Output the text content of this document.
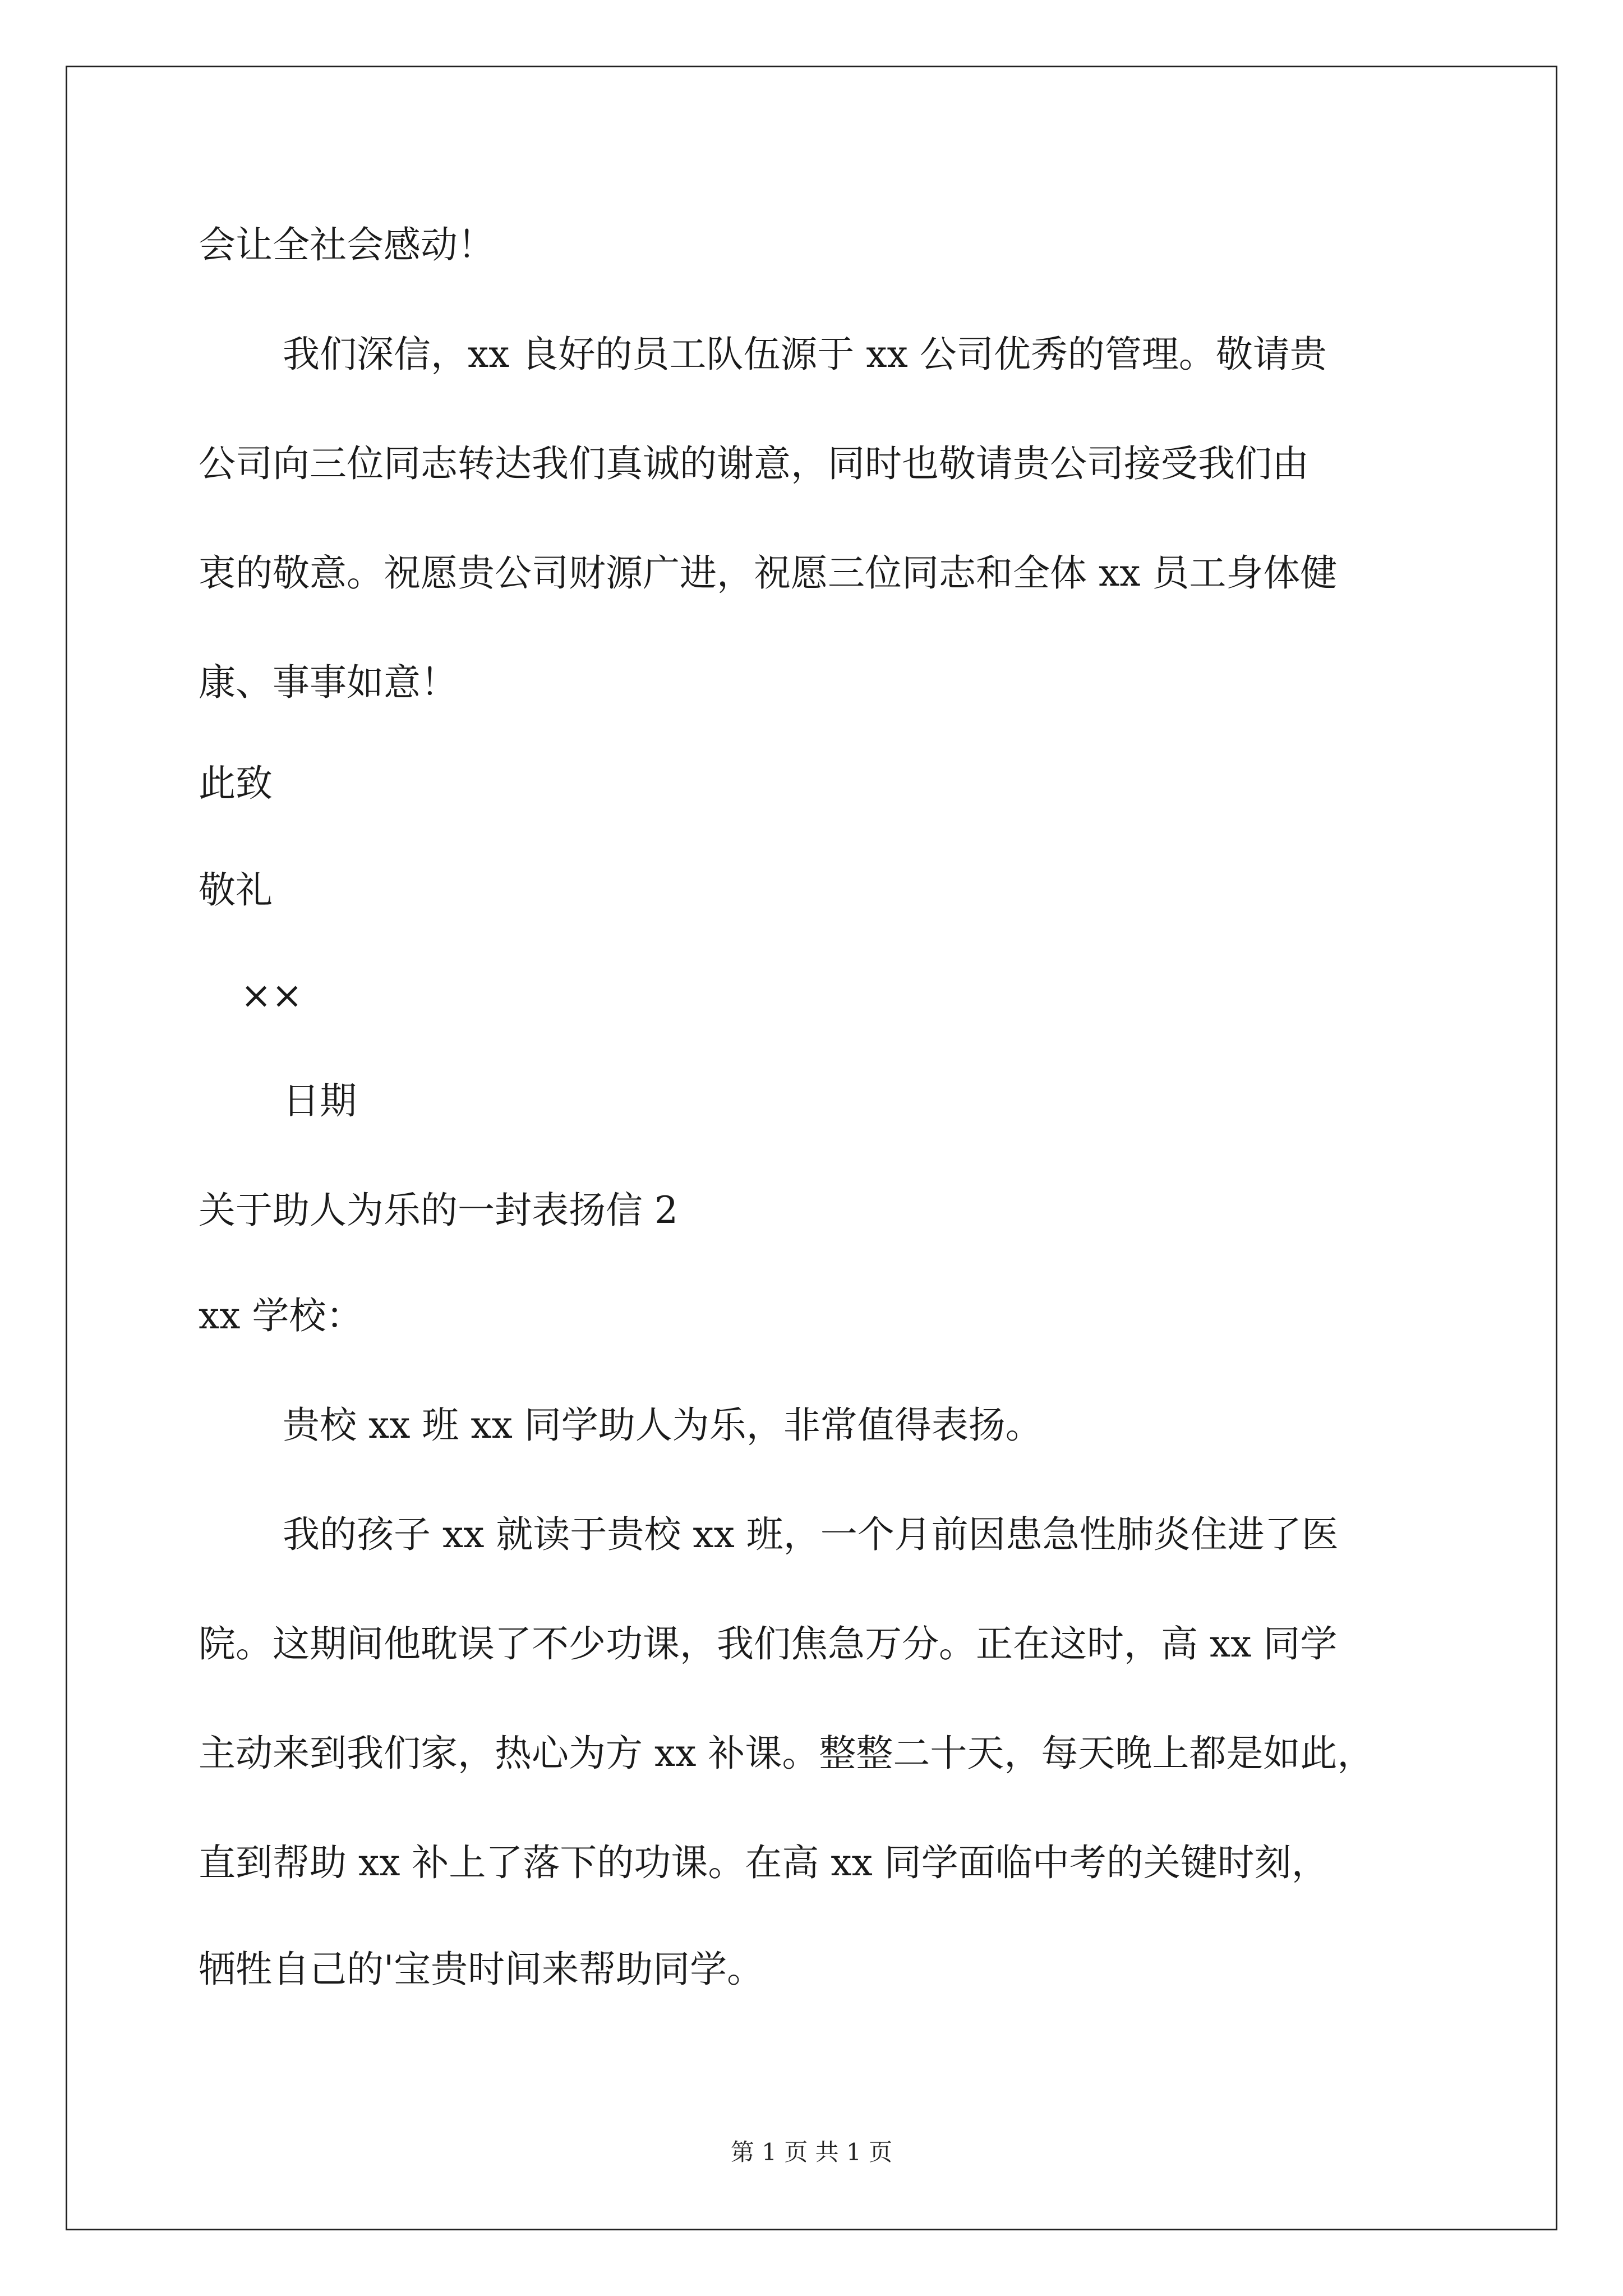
会让全社会感动！
我们深信，xx 良好的员工队伍源于 xx 公司优秀的管理。敬请贵
公司向三位同志转达我们真诚的谢意，同时也敬请贵公司接受我们由
衷的敬意。祝愿贵公司财源广进，祝愿三位同志和全体 xx 员工身体健
康、事事如意！
此致
敬礼
××
日期
关于助人为乐的一封表扬信 2
xx 学校：
贵校 xx 班 xx 同学助人为乐，非常值得表扬。
我的孩子 xx 就读于贵校 xx 班，一个月前因患急性肺炎住进了医
院。这期间他耽误了不少功课，我们焦急万分。正在这时，高 xx 同学
主动来到我们家，热心为方 xx 补课。整整二十天，每天晚上都是如此，
直到帮助 xx 补上了落下的功课。在高 xx 同学面临中考的关键时刻，
牺牲自己的'宝贵时间来帮助同学。
第 1 页 共 1 页
